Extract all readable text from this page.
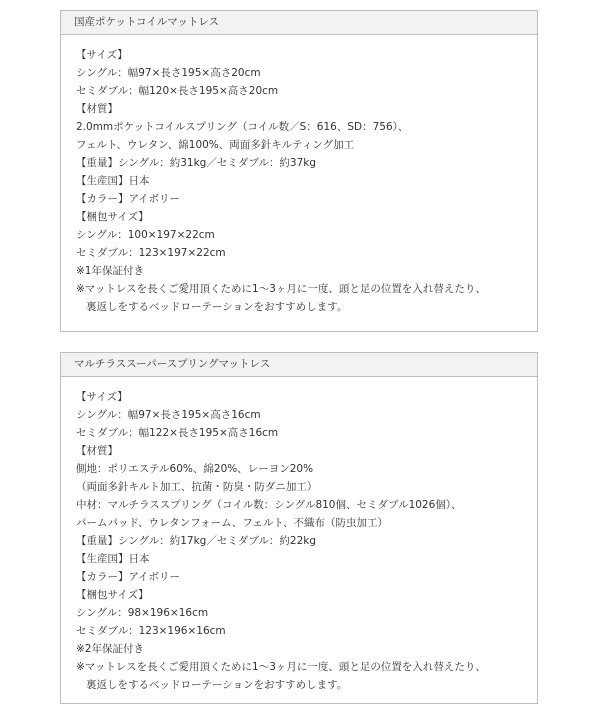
国産ポケットコイルマットレス
【サイズ】
シングル：幅97×長さ195×高さ20cm
セミダブル：幅120×長さ195×高さ20cm
【材質】
2.0mmポケットコイルスプリング（コイル数／S：616、SD：756）、
フェルト、ウレタン、綿100%、両面多針キルティング加工
【重量】シングル：約31kg／セミダブル：約37kg
【生産国】日本
【カラー】アイボリー
【梱包サイズ】
シングル：100×197×22cm
セミダブル：123×197×22cm
※1年保証付き
※マットレスを長くご愛用頂くために1～3ヶ月に一度、頭と足の位置を入れ替えたり、
裏返しをするベッドローテーションをおすすめします。
マルチラススーパースプリングマットレス
【サイズ】
シングル：幅97×長さ195×高さ16cm
セミダブル：幅122×長さ195×高さ16cm
【材質】
側地：ポリエステル60%、綿20%、レーヨン20%
（両面多針キルト加工、抗菌・防臭・防ダニ加工）
中材：マルチラススプリング（コイル数：シングル810個、セミダブル1026個）、
パームパッド、ウレタンフォーム、フェルト、不織布（防虫加工）
【重量】シングル：約17kg／セミダブル：約22kg
【生産国】日本
【カラー】アイボリー
【梱包サイズ】
シングル：98×196×16cm
セミダブル：123×196×16cm
※2年保証付き
※マットレスを長くご愛用頂くために1～3ヶ月に一度、頭と足の位置を入れ替えたり、
裏返しをするベッドローテーションをおすすめします。
